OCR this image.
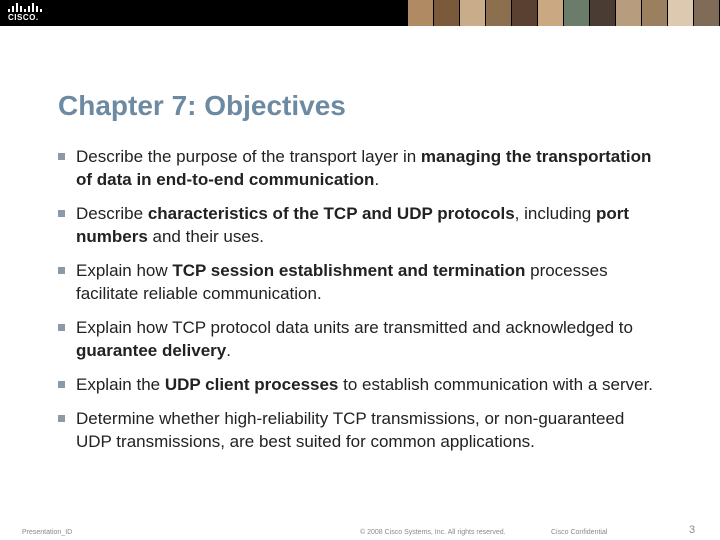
CISCO.
Chapter 7: Objectives
Describe the purpose of the transport layer in managing the transportation of data in end-to-end communication.
Describe characteristics of the TCP and UDP protocols, including port numbers and their uses.
Explain how TCP session establishment and termination processes facilitate reliable communication.
Explain how TCP protocol data units are transmitted and acknowledged to guarantee delivery.
Explain the UDP client processes to establish communication with a server.
Determine whether high-reliability TCP transmissions, or non-guaranteed UDP transmissions, are best suited for common applications.
Presentation_ID	© 2008 Cisco Systems, Inc. All rights reserved.	Cisco Confidential	3
